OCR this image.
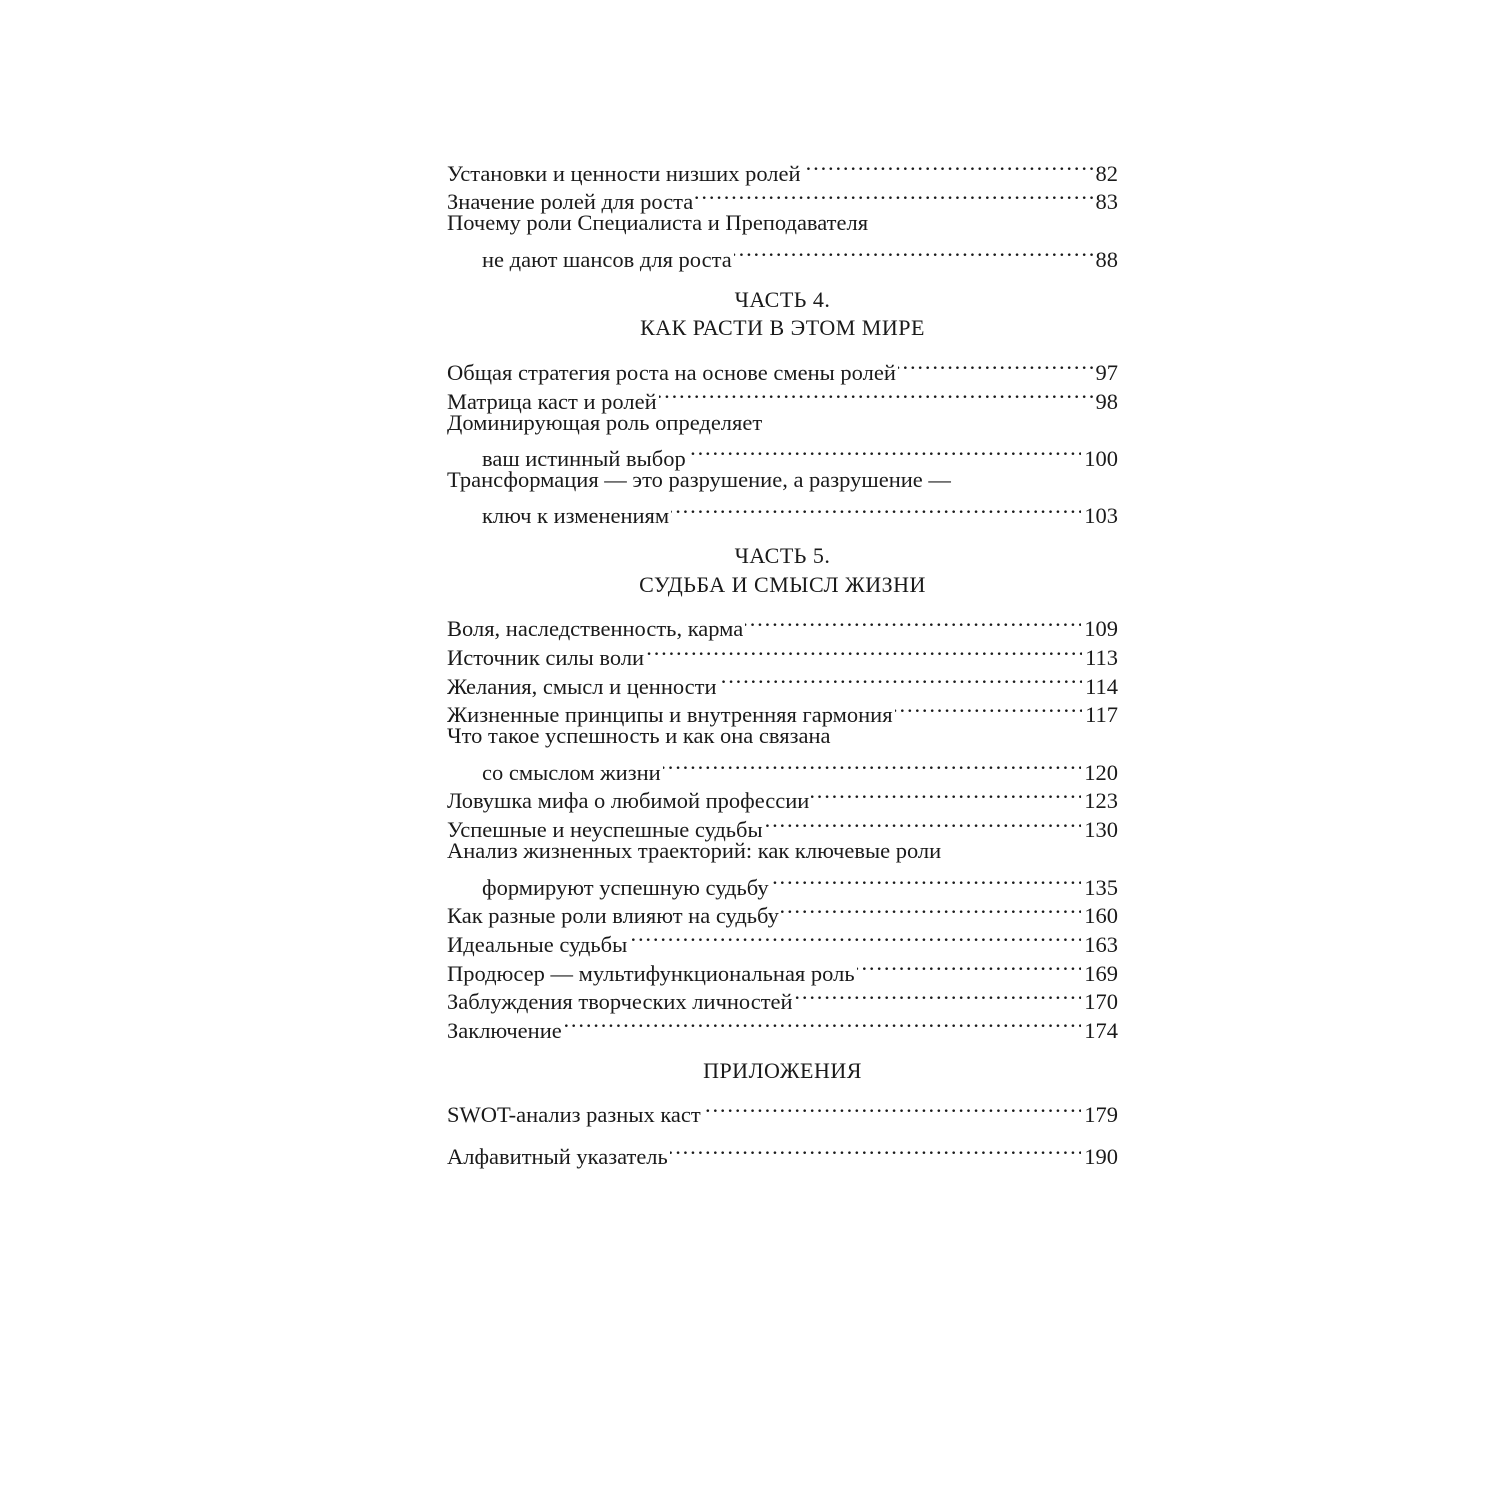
Установки и ценности низших ролей . . .	82
Значение ролей для роста . . .	83
Почему роли Специалиста и Преподавателя
не дают шансов для роста . . .	88
ЧАСТЬ 4.
КАК РАСТИ В ЭТОМ МИРЕ
Общая стратегия роста на основе смены ролей . . .	97
Матрица каст и ролей . . .	98
Доминирующая роль определяет
ваш истинный выбор . . .	100
Трансформация — это разрушение, а разрушение —
ключ к изменениям . . .	103
ЧАСТЬ 5.
СУДЬБА И СМЫСЛ ЖИЗНИ
Воля, наследственность, карма . . .	109
Источник силы воли . . .	113
Желания, смысл и ценности . . .	114
Жизненные принципы и внутренняя гармония . . .	117
Что такое успешность и как она связана
со смыслом жизни . . .	120
Ловушка мифа о любимой профессии . . .	123
Успешные и неуспешные судьбы . . .	130
Анализ жизненных траекторий: как ключевые роли
формируют успешную судьбу . . .	135
Как разные роли влияют на судьбу . . .	160
Идеальные судьбы . . .	163
Продюсер — мультифункциональная роль . . .	169
Заблуждения творческих личностей . . .	170
Заключение . . .	174
ПРИЛОЖЕНИЯ
SWOT-анализ разных каст . . .	179
Алфавитный указатель . . .	190
